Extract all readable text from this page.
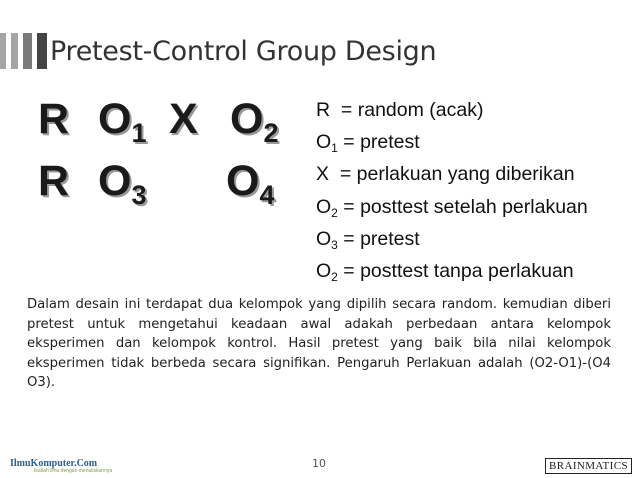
Pretest-Control Group Design
R $O_1$ X $O_2$
R $O_3$ $O_4$
R  = random (acak)
$O_1$ = pretest
X  = perlakuan yang diberikan
$O_2$ = posttest setelah perlakuan
$O_3$ = pretest
$O_2$ = posttest tanpa perlakuan
Dalam desain ini terdapat dua kelompok yang dipilih secara random. kemudian diberi pretest untuk mengetahui keadaan awal adakah perbedaan antara kelompok eksperimen dan kelompok kontrol. Hasil pretest yang baik bila nilai kelompok eksperimen tidak berbeda secara signifikan. Pengaruh Perlakuan adalah (O2-O1)-(O4 O3).
IlmuKomputer.Com
Ikatlah ilmu dengan menuliskannya
10	BRAINMATICS
